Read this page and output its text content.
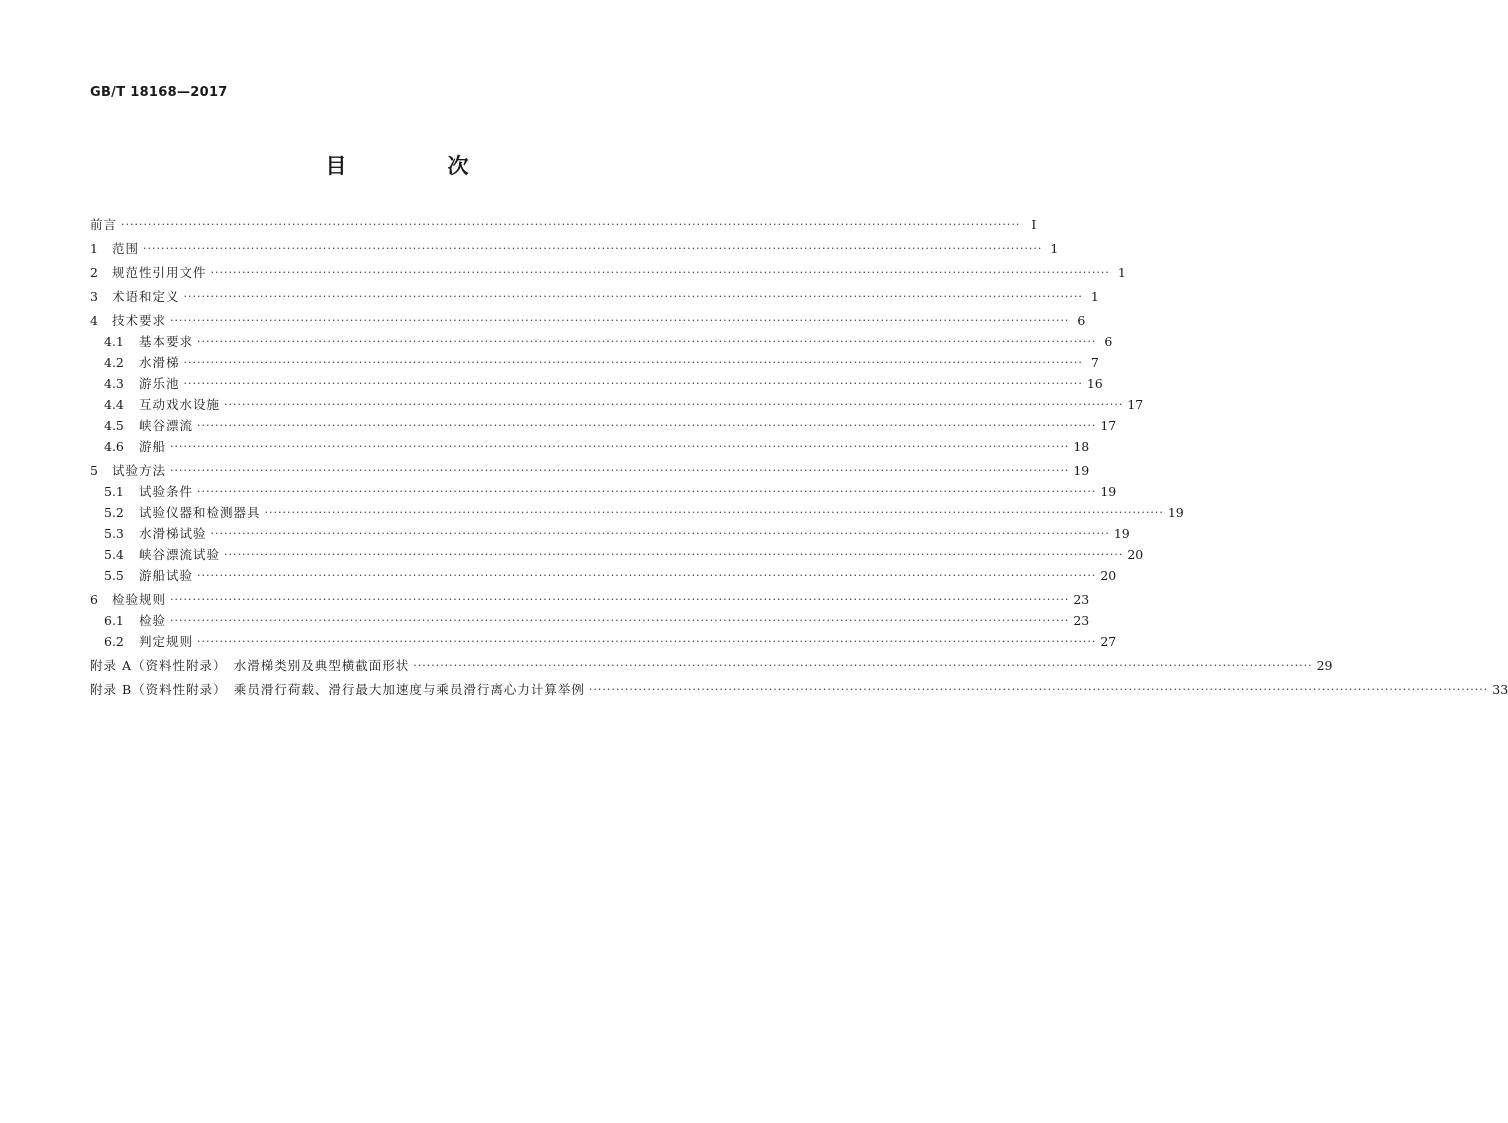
GB/T 18168—2017
目　次
前言 ········································································································································································································ Ⅰ
1	范围 ········································································································································································································ 1
2	规范性引用文件 ········································································································································································································ 1
3	术语和定义 ········································································································································································································ 1
4	技术要求 ········································································································································································································ 6
4.1	基本要求 ········································································································································································································ 6
4.2	水滑梯 ········································································································································································································ 7
4.3	游乐池 ········································································································································································································ 16
4.4	互动戏水设施 ········································································································································································································ 17
4.5	峡谷漂流 ········································································································································································································ 17
4.6	游船 ········································································································································································································ 18
5	试验方法 ········································································································································································································ 19
5.1	试验条件 ········································································································································································································ 19
5.2	试验仪器和检测器具 ········································································································································································································ 19
5.3	水滑梯试验 ········································································································································································································ 19
5.4	峡谷漂流试验 ········································································································································································································ 20
5.5	游船试验 ········································································································································································································ 20
6	检验规则 ········································································································································································································ 23
6.1	检验 ········································································································································································································ 23
6.2	判定规则 ········································································································································································································ 27
附录 A（资料性附录）　水滑梯类别及典型横截面形状 ········································································································································································································ 29
附录 B（资料性附录）　乘员滑行荷载、滑行最大加速度与乘员滑行离心力计算举例 ········································································································································································································ 33
